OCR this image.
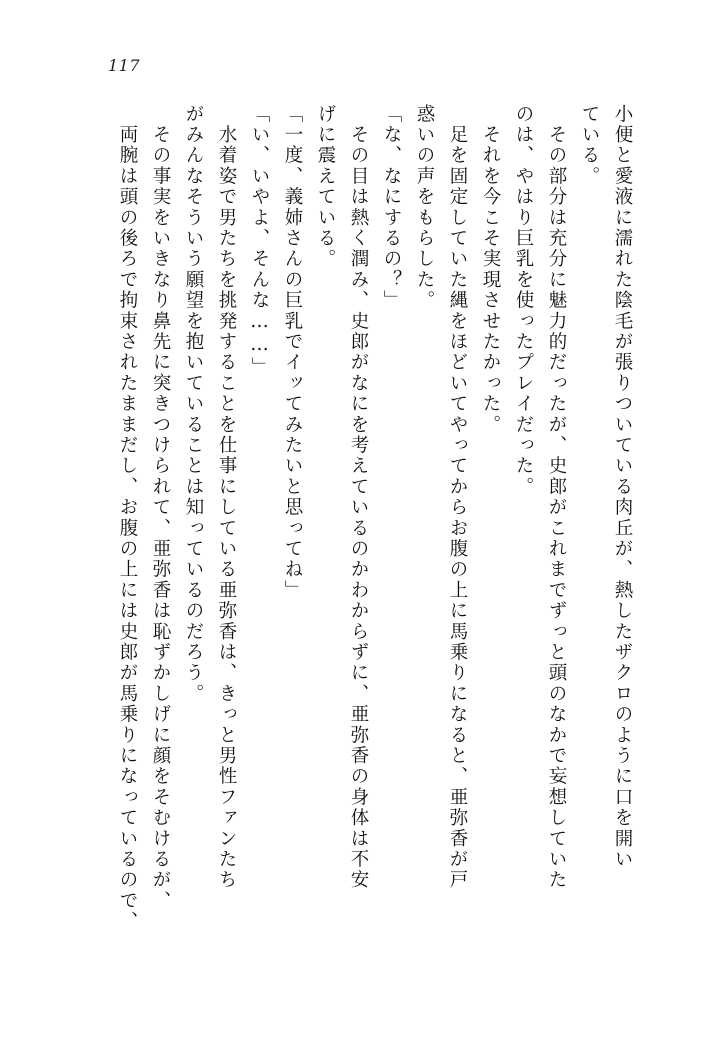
117
小便と愛液に濡れた陰毛が張りついている肉丘が、熱したザクロのように口を開い
ている。
　その部分は充分に魅力的だったが、史郎がこれまでずっと頭のなかで妄想していた
のは、やはり巨乳を使ったプレイだった。
　それを今こそ実現させたかった。
　足を固定していた縄をほどいてやってからお腹の上に馬乗りになると、亜弥香が戸
惑いの声をもらした。
「な、なにするの？」
　その目は熱く潤み、史郎がなにを考えているのかわからずに、亜弥香の身体は不安
げに震えている。
「一度、義姉さんの巨乳でイッてみたいと思ってね」
「い、いやよ、そんな……」
　水着姿で男たちを挑発することを仕事にしている亜弥香は、きっと男性ファンたち
がみんなそういう願望を抱いていることは知っているのだろう。
　その事実をいきなり鼻先に突きつけられて、亜弥香は恥ずかしげに顔をそむけるが、
　両腕は頭の後ろで拘束されたままだし、お腹の上には史郎が馬乗りになっているので、
